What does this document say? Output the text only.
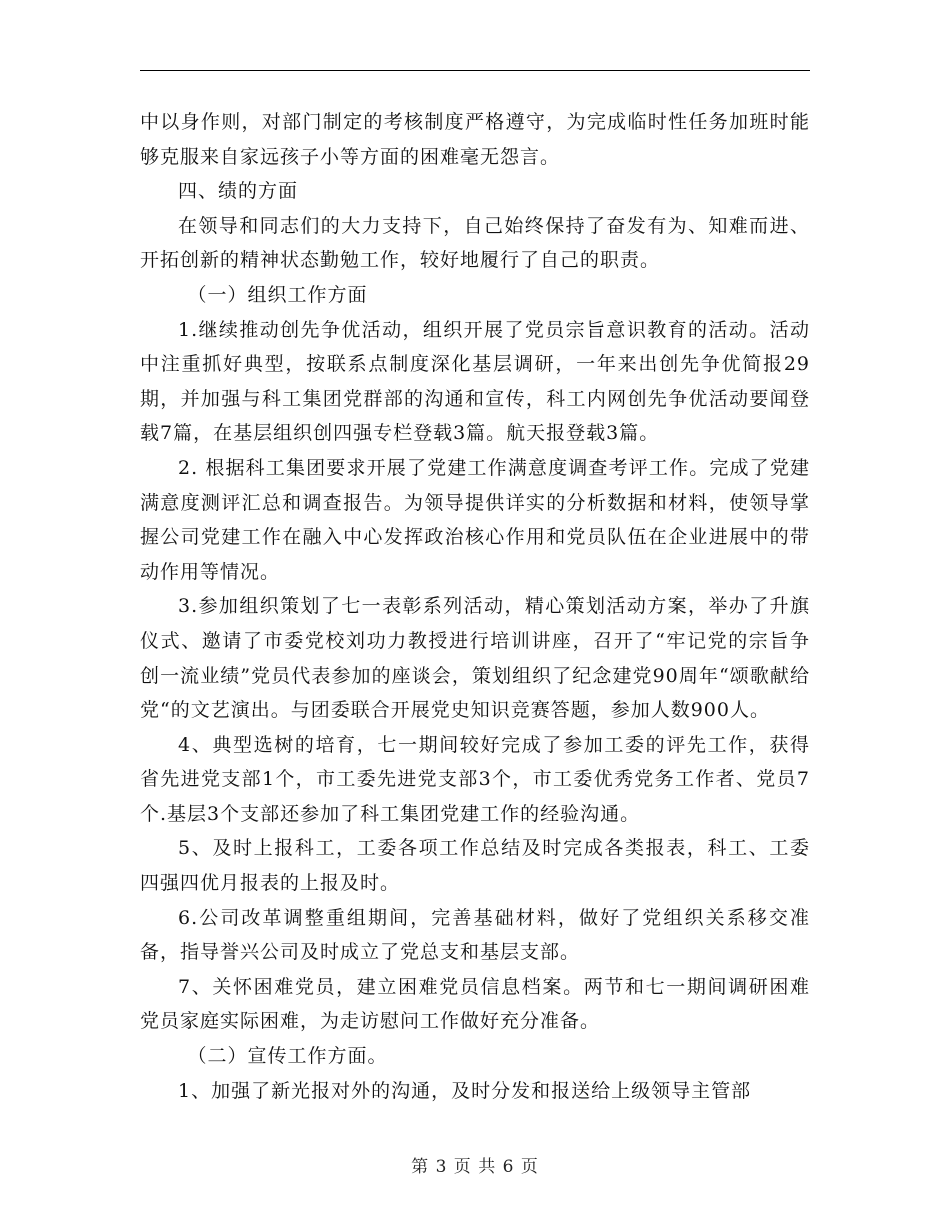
中以身作则，对部门制定的考核制度严格遵守，为完成临时性任务加班时能够克服来自家远孩子小等方面的困难毫无怨言。

四、绩的方面

在领导和同志们的大力支持下，自己始终保持了奋发有为、知难而进、开拓创新的精神状态勤勉工作，较好地履行了自己的职责。

（一）组织工作方面

1.继续推动创先争优活动，组织开展了党员宗旨意识教育的活动。活动中注重抓好典型，按联系点制度深化基层调研，一年来出创先争优简报29期，并加强与科工集团党群部的沟通和宣传，科工内网创先争优活动要闻登载7篇，在基层组织创四强专栏登载3篇。航天报登载3篇。

2. 根据科工集团要求开展了党建工作满意度调查考评工作。完成了党建满意度测评汇总和调查报告。为领导提供详实的分析数据和材料，使领导掌握公司党建工作在融入中心发挥政治核心作用和党员队伍在企业进展中的带动作用等情况。

3.参加组织策划了七一表彰系列活动，精心策划活动方案，举办了升旗仪式、邀请了市委党校刘功力教授进行培训讲座，召开了“牢记党的宗旨争创一流业绩”党员代表参加的座谈会，策划组织了纪念建党90周年“颂歌献给党“的文艺演出。与团委联合开展党史知识竞赛答题，参加人数900人。

4、典型选树的培育，七一期间较好完成了参加工委的评先工作，获得省先进党支部1个，市工委先进党支部3个，市工委优秀党务工作者、党员7个.基层3个支部还参加了科工集团党建工作的经验沟通。

5、及时上报科工，工委各项工作总结及时完成各类报表，科工、工委四强四优月报表的上报及时。

6.公司改革调整重组期间，完善基础材料，做好了党组织关系移交准备，指导誉兴公司及时成立了党总支和基层支部。

7、关怀困难党员，建立困难党员信息档案。两节和七一期间调研困难党员家庭实际困难，为走访慰问工作做好充分准备。

（二）宣传工作方面。

1、加强了新光报对外的沟通，及时分发和报送给上级领导主管部

第 3 页 共 6 页
